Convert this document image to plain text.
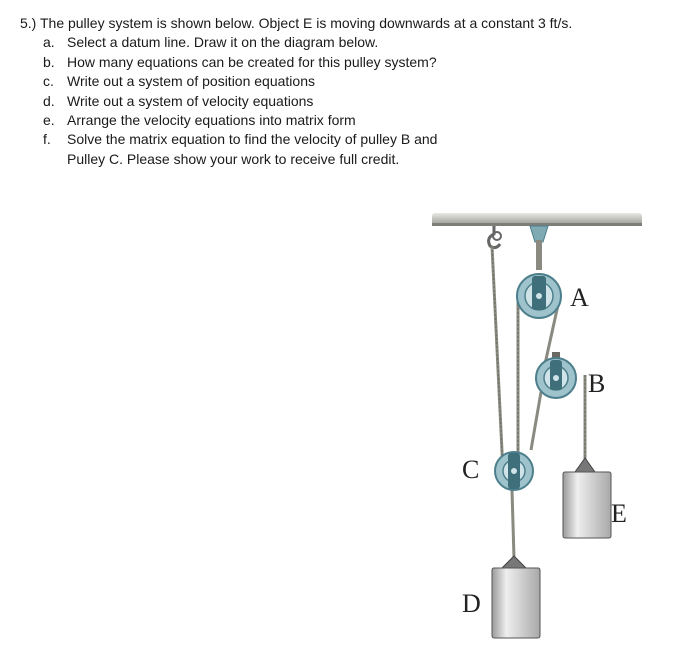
5.) The pulley system is shown below. Object E is moving downwards at a constant 3 ft/s.

a. Select a datum line. Draw it on the diagram below.
b. How many equations can be created for this pulley system?
c. Write out a system of position equations
d. Write out a system of velocity equations
e. Arrange the velocity equations into matrix form
f. Solve the matrix equation to find the velocity of pulley B and
Pulley C. Please show your work to receive full credit.
A
B
C
D
E
